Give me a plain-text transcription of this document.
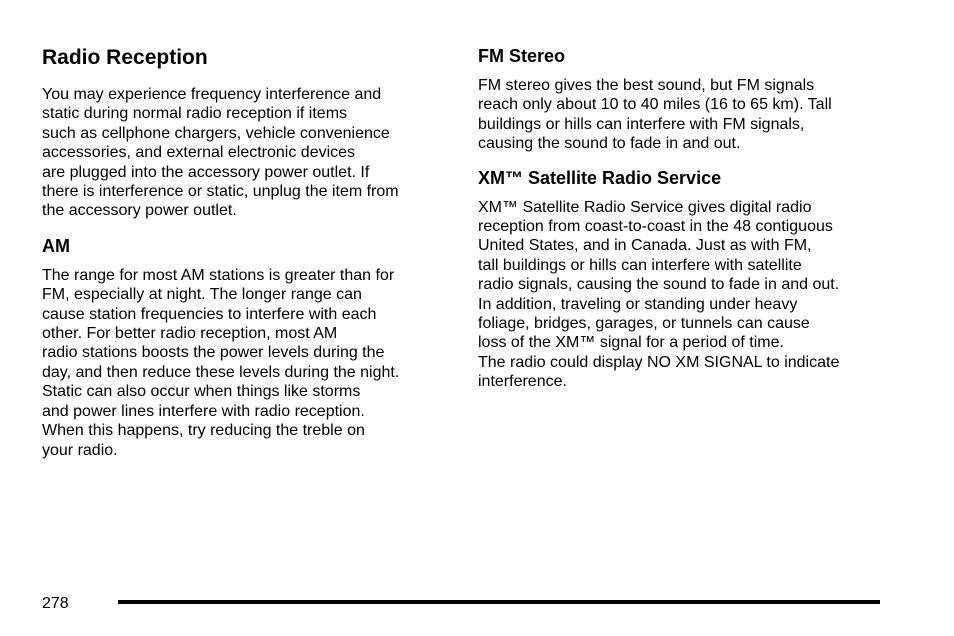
Radio Reception

You may experience frequency interference and
static during normal radio reception if items
such as cellphone chargers, vehicle convenience
accessories, and external electronic devices
are plugged into the accessory power outlet. If
there is interference or static, unplug the item from
the accessory power outlet.

AM

The range for most AM stations is greater than for
FM, especially at night. The longer range can
cause station frequencies to interfere with each
other. For better radio reception, most AM
radio stations boosts the power levels during the
day, and then reduce these levels during the night.
Static can also occur when things like storms
and power lines interfere with radio reception.
When this happens, try reducing the treble on
your radio.

FM Stereo

FM stereo gives the best sound, but FM signals
reach only about 10 to 40 miles (16 to 65 km). Tall
buildings or hills can interfere with FM signals,
causing the sound to fade in and out.

XM™ Satellite Radio Service

XM™ Satellite Radio Service gives digital radio
reception from coast-to-coast in the 48 contiguous
United States, and in Canada. Just as with FM,
tall buildings or hills can interfere with satellite
radio signals, causing the sound to fade in and out.
In addition, traveling or standing under heavy
foliage, bridges, garages, or tunnels can cause
loss of the XM™ signal for a period of time.
The radio could display NO XM SIGNAL to indicate
interference.

278
